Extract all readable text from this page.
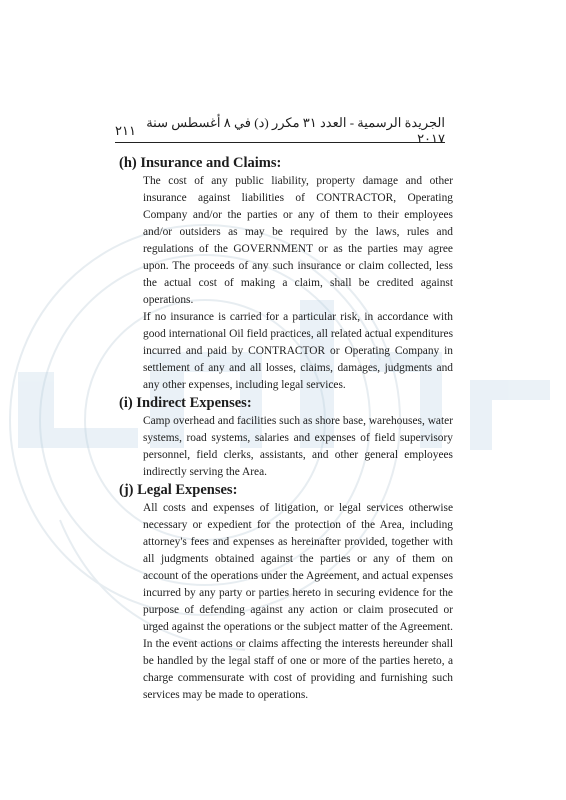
٢١١
الجريدة الرسمية - العدد ٣١ مكرر (د) في ٨ أغسطس سنة ٢٠١٧
(h) Insurance and Claims:

The cost of any public liability, property damage and other insurance against liabilities of CONTRACTOR, Operating Company and/or the parties or any of them to their employees and/or outsiders as may be required by the laws, rules and regulations of the GOVERNMENT or as the parties may agree upon. The proceeds of any such insurance or claim collected, less the actual cost of making a claim, shall be credited against operations.

If no insurance is carried for a particular risk, in accordance with good international Oil field practices, all related actual expenditures incurred and paid by CONTRACTOR or Operating Company in settlement of any and all losses, claims, damages, judgments and any other expenses, including legal services.

(i) Indirect Expenses:

Camp overhead and facilities such as shore base, warehouses, water systems, road systems, salaries and expenses of field supervisory personnel, field clerks, assistants, and other general employees indirectly serving the Area.

(j) Legal Expenses:

All costs and expenses of litigation, or legal services otherwise necessary or expedient for the protection of the Area, including attorney's fees and expenses as hereinafter provided, together with all judgments obtained against the parties or any of them on account of the operations under the Agreement, and actual expenses incurred by any party or parties hereto in securing evidence for the purpose of defending against any action or claim prosecuted or urged against the operations or the subject matter of the Agreement. In the event actions or claims affecting the interests hereunder shall be handled by the legal staff of one or more of the parties hereto, a charge commensurate with cost of providing and furnishing such services may be made to operations.
